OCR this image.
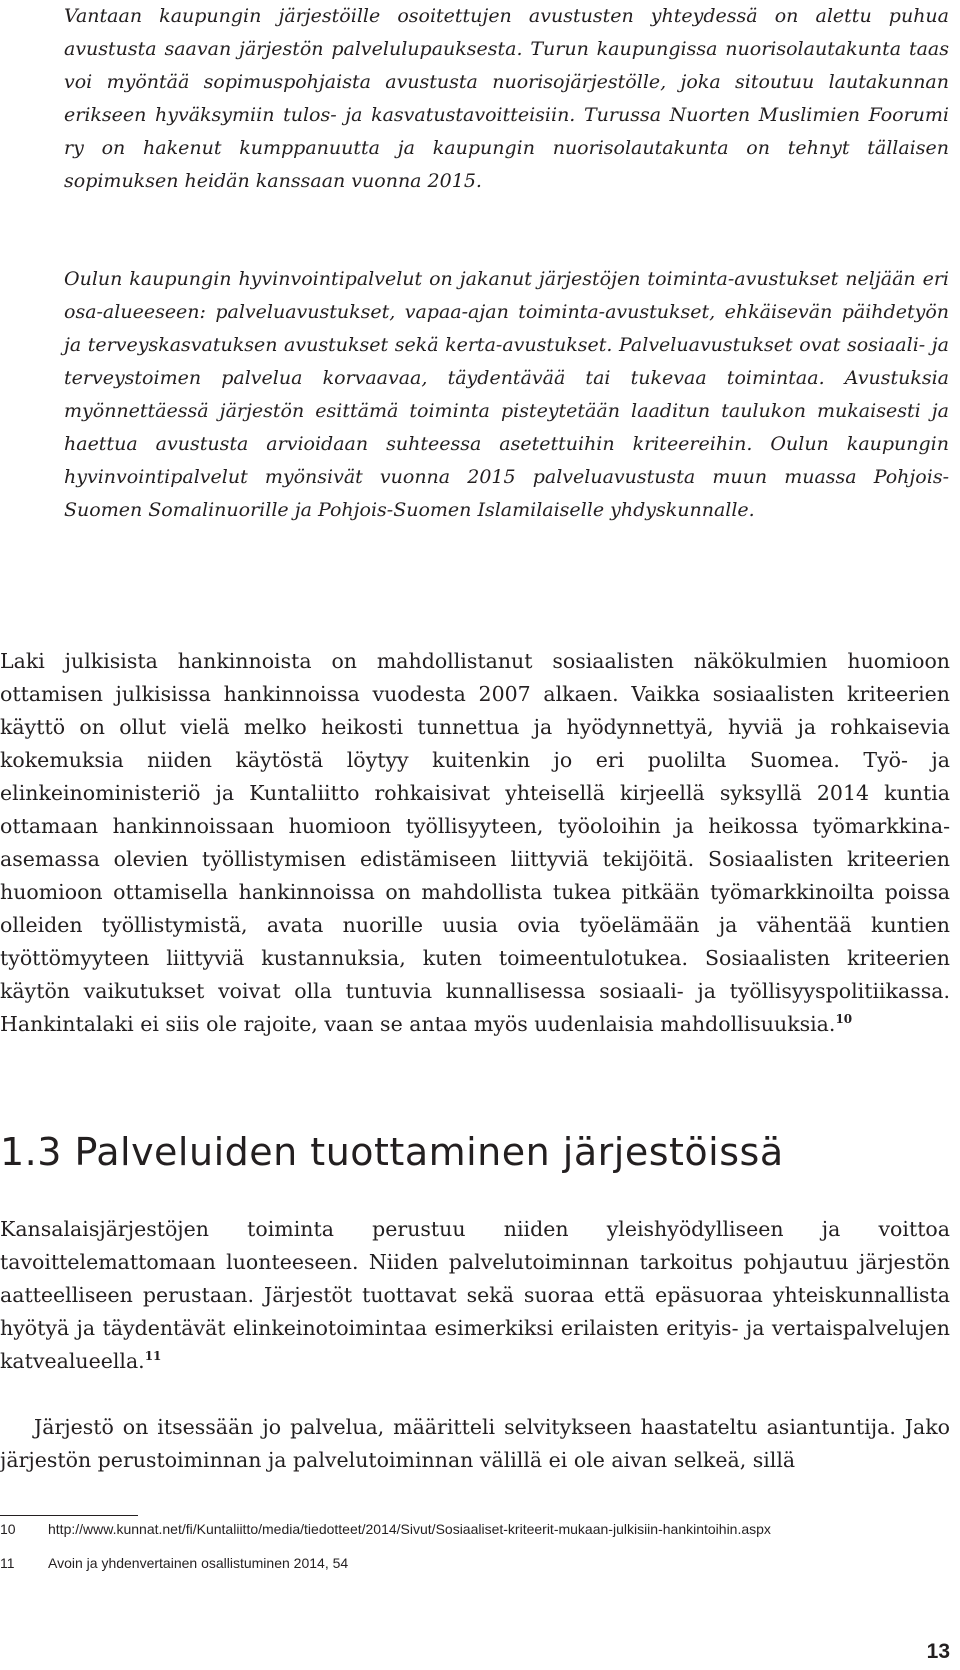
Vantaan kaupungin järjestöille osoitettujen avustusten yhteydessä on alettu puhua avustusta saavan järjestön palvelulupauksesta. Turun kaupungissa nuorisolautakunta taas voi myöntää sopimuspohjaista avustusta nuorisojärjestölle, joka sitoutuu lautakunnan erikseen hyväksymiin tulos- ja kasvatustavoitteisiin. Turussa Nuorten Muslimien Foorumi ry on hakenut kumppanuutta ja kaupungin nuorisolautakunta on tehnyt tällaisen sopimuksen heidän kanssaan vuonna 2015.

Oulun kaupungin hyvinvointipalvelut on jakanut järjestöjen toiminta-avustukset neljään eri osa-alueeseen: palveluavustukset, vapaa-ajan toiminta-avustukset, ehkäisevän päihdetyön ja terveyskasvatuksen avustukset sekä kerta-avustukset. Palveluavustukset ovat sosiaali- ja terveystoimen palvelua korvaavaa, täydentävää tai tukevaa toimintaa. Avustuksia myönnettäessä järjestön esittämä toiminta pisteytetään laaditun taulukon mukaisesti ja haettua avustusta arvioidaan suhteessa asetettuihin kriteereihin. Oulun kaupungin hyvinvointipalvelut myönsivät vuonna 2015 palveluavustusta muun muassa Pohjois-Suomen Somalinuorille ja Pohjois-Suomen Islamilaiselle yhdyskunnalle.

Laki julkisista hankinnoista on mahdollistanut sosiaalisten näkökulmien huomioon ottamisen julkisissa hankinnoissa vuodesta 2007 alkaen. Vaikka sosiaalisten kriteerien käyttö on ollut vielä melko heikosti tunnettua ja hyödynnettyä, hyviä ja rohkaisevia kokemuksia niiden käytöstä löytyy kuitenkin jo eri puolilta Suomea. Työ- ja elinkeinoministeriö ja Kuntaliitto rohkaisivat yhteisellä kirjeellä syksyllä 2014 kuntia ottamaan hankinnoissaan huomioon työllisyyteen, työoloihin ja heikossa työmarkkina-asemassa olevien työllistymisen edistämiseen liittyviä tekijöitä. Sosiaalisten kriteerien huomioon ottamisella hankinnoissa on mahdollista tukea pitkään työmarkkinoilta poissa olleiden työllistymistä, avata nuorille uusia ovia työelämään ja vähentää kuntien työttömyyteen liittyviä kustannuksia, kuten toimeentulotukea. Sosiaalisten kriteerien käytön vaikutukset voivat olla tuntuvia kunnallisessa sosiaali- ja työllisyyspolitiikassa. Hankintalaki ei siis ole rajoite, vaan se antaa myös uudenlaisia mahdollisuuksia.$^{10}$

1.3 Palveluiden tuottaminen järjestöissä

Kansalaisjärjestöjen toiminta perustuu niiden yleishyödylliseen ja voittoa tavoittelemattomaan luonteeseen. Niiden palvelutoiminnan tarkoitus pohjautuu järjestön aatteelliseen perustaan. Järjestöt tuottavat sekä suoraa että epäsuoraa yhteiskunnallista hyötyä ja täydentävät elinkeinotoimintaa esimerkiksi erilaisten erityis- ja vertaispalvelujen katvealueella.$^{11}$

Järjestö on itsessään jo palvelua, määritteli selvitykseen haastateltu asiantuntija. Jako järjestön perustoiminnan ja palvelutoiminnan välillä ei ole aivan selkeä, sillä

10	http://www.kunnat.net/fi/Kuntaliitto/media/tiedotteet/2014/Sivut/Sosiaaliset-kriteerit-mukaan-julkisiin-hankintoihin.aspx
11	Avoin ja yhdenvertainen osallistuminen 2014, 54
13
